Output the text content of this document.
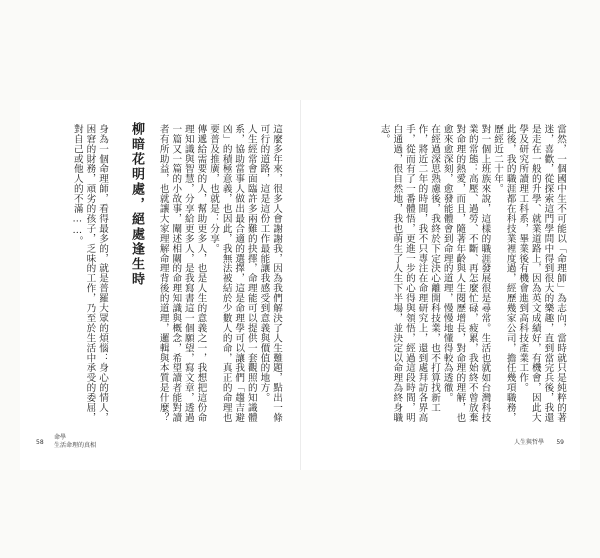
這麼多年來，很多人會謝謝我，因為我們解決了人生難題，點出一條可行的道路，這是這份工作最能讓我感受到意義與價值的地方。
人生經常會面臨許多兩難的抉擇，命理能可以提供一套觀照的知識體系，協助當事人做出最合適的選擇，這是命理學可以讓我們「趨吉避凶」的積極意義，也因此，我無法被結於少數人的命，真正的命理也要普及推廣，也就是：分享。
傳遞給需要的人，幫助更多人，也是人生的意義之一，我想把這份命理知識與智慧，分享給更多人，是我寫書這一個願望，寫文章，透過一篇又一篇的小故事，闡述相關的命理知識與概念，希望讀者能對讀者有所助益，也就讓大家理解命理背後的道理，邏輯與本質是什麼？
柳暗花明處，絕處逢生時
身為一個命理師，看得最多的，就是普羅大眾的煩惱：身心的情人，困窘的財務，頑劣的孩子，乏味的工作，乃至於生活中承受的委屈，對自己或他人的不滿……。
58
命學
生活命理的真相
當然，一個國中生不可能以「命理師」為志向，當時就只是純粹的著迷，喜歡，從探索這門學問中得到很大的樂趣，直到當完兵後，我還是走在一般的升學、就業道路上，因為英文成績好，有機會，因此大學及研究所讀理工科系，畢業後有機會進到高科技產業工作。
此後，我的職涯都在科技業裡度過，經歷幾家公司，擔任幾項職務，歷經近二十年。
對一個上班族來說，這樣的職涯發展很是尋常。生活也就如台灣科技業的常態：高壓、過勞、不斷、再怎麼忙碌，疲累，我始終不曾放棄對命理的熱愛，而且，隨著年齡與人生閱歷增長，對命理的理解，也愈來愈深刻，愈發能體會到命理的道理，慢慢地懂得較為透徹。
在經過深思熟慮後，我終於下定決心離開科技業，也不打算找新工作，將近二年的時間，我不只專注在命理研究上，還到處拜訪各界高手，從而有了一番體悟，更進一步的心得與領悟，經過這段時間，明白通過，很自然地，我也萌生了人生下半場，並決定以命理為終身職志。
人生與哲學 59
